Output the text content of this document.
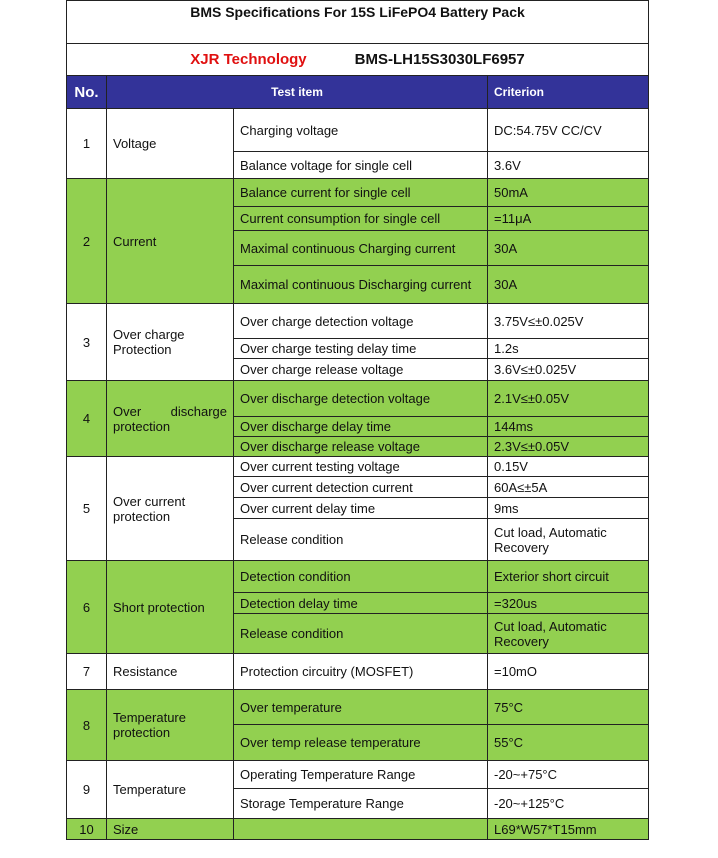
BMS Specifications For 15S LiFePO4 Battery Pack			
XJR Technology BMS-LH15S3030LF6957			
No.	Test item		Criterion
1	Voltage	Charging voltage	DC:54.75V CC/CV
		Balance voltage for single cell	3.6V
2	Current	Balance current for single cell	50mA
		Current consumption for single cell	=11μA
		Maximal continuous Charging current	30A
		Maximal continuous Discharging current	30A
3	Over charge Protection	Over charge detection voltage	3.75V≤±0.025V
		Over charge testing delay time	1.2s
		Over charge release voltage	3.6V≤±0.025V
4	Over discharge protection	Over discharge detection voltage	2.1V≤±0.05V
		Over discharge delay time	144ms
		Over discharge release voltage	2.3V≤±0.05V
5	Over current protection	Over current testing voltage	0.15V
		Over current detection current	60A≤±5A
		Over current delay time	9ms
		Release condition	Cut load, Automatic Recovery
6	Short protection	Detection condition	Exterior short circuit
		Detection delay time	=320us
		Release condition	Cut load, Automatic Recovery
7	Resistance	Protection circuitry (MOSFET)	=10mO
8	Temperature protection	Over temperature	75°C
		Over temp release temperature	55°C
9	Temperature	Operating Temperature Range	-20~+75°C
		Storage Temperature Range	-20~+125°C
10	Size		L69*W57*T15mm
